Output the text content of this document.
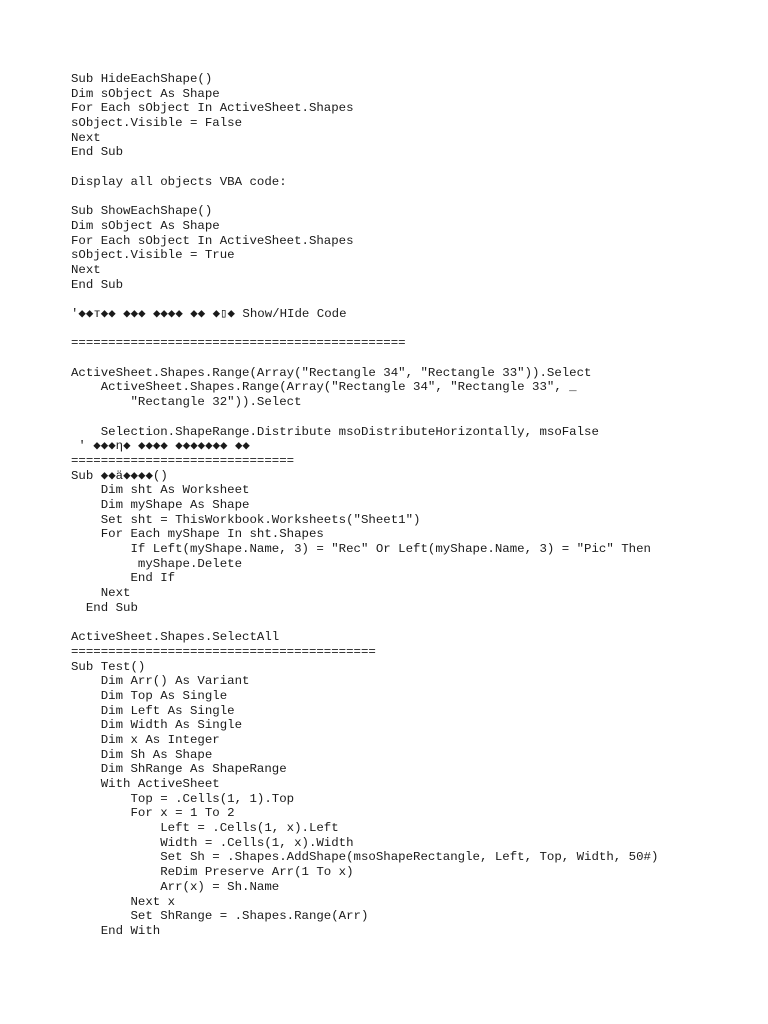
Sub HideEachShape()
Dim sObject As Shape
For Each sObject In ActiveSheet.Shapes
sObject.Visible = False
Next
End Sub
Display all objects VBA code:
Sub ShowEachShape()
Dim sObject As Shape
For Each sObject In ActiveSheet.Shapes
sObject.Visible = True
Next
End Sub
'◆◆ᴛ◆◆ ◆◆◆ ◆◆◆◆ ◆◆ ◆▯◆ Show/HIde Code
=============================================
ActiveSheet.Shapes.Range(Array("Rectangle 34", "Rectangle 33")).Select
ActiveSheet.Shapes.Range(Array("Rectangle 34", "Rectangle 33", _
"Rectangle 32")).Select
Selection.ShapeRange.Distribute msoDistributeHorizontally, msoFalse
' ◆◆◆η◆ ◆◆◆◆ ◆◆◆◆◆◆◆ ◆◆
==============================
Sub ◆◆ä◆◆◆◆()
Dim sht As Worksheet
Dim myShape As Shape
Set sht = ThisWorkbook.Worksheets("Sheet1")
For Each myShape In sht.Shapes
If Left(myShape.Name, 3) = "Rec" Or Left(myShape.Name, 3) = "Pic" Then
myShape.Delete
End If
Next
End Sub
ActiveSheet.Shapes.SelectAll
=========================================
Sub Test()
Dim Arr() As Variant
Dim Top As Single
Dim Left As Single
Dim Width As Single
Dim x As Integer
Dim Sh As Shape
Dim ShRange As ShapeRange
With ActiveSheet
Top = .Cells(1, 1).Top
For x = 1 To 2
Left = .Cells(1, x).Left
Width = .Cells(1, x).Width
Set Sh = .Shapes.AddShape(msoShapeRectangle, Left, Top, Width, 50#)
ReDim Preserve Arr(1 To x)
Arr(x) = Sh.Name
Next x
Set ShRange = .Shapes.Range(Arr)
End With
